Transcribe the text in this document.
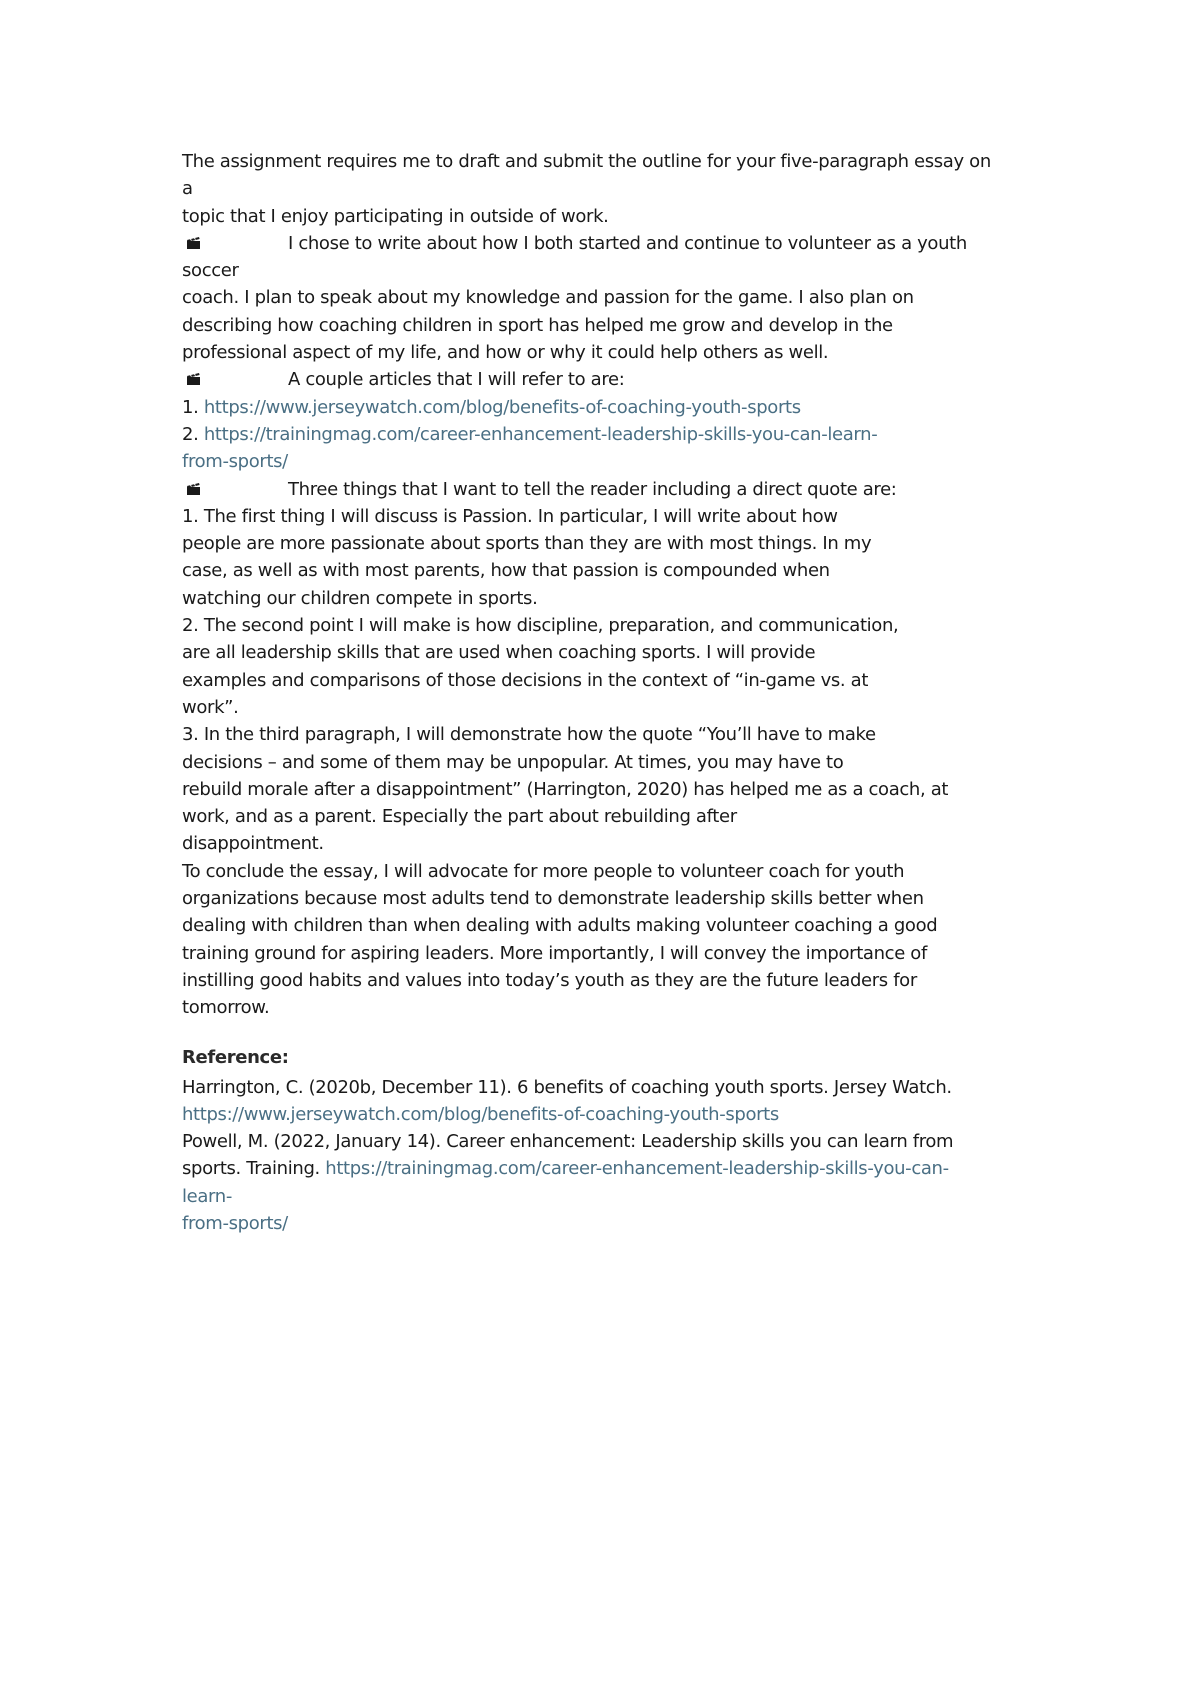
The assignment requires me to draft and submit the outline for your five-paragraph essay on
a
topic that I enjoy participating in outside of work.
I chose to write about how I both started and continue to volunteer as a youth
soccer
coach. I plan to speak about my knowledge and passion for the game. I also plan on
describing how coaching children in sport has helped me grow and develop in the
professional aspect of my life, and how or why it could help others as well.
A couple articles that I will refer to are:
1. https://www.jerseywatch.com/blog/benefits-of-coaching-youth-sports
2. https://trainingmag.com/career-enhancement-leadership-skills-you-can-learn-
from-sports/
Three things that I want to tell the reader including a direct quote are:
1. The first thing I will discuss is Passion. In particular, I will write about how
people are more passionate about sports than they are with most things. In my
case, as well as with most parents, how that passion is compounded when
watching our children compete in sports.
2. The second point I will make is how discipline, preparation, and communication,
are all leadership skills that are used when coaching sports. I will provide
examples and comparisons of those decisions in the context of “in-game vs. at
work”.
3. In the third paragraph, I will demonstrate how the quote “You’ll have to make
decisions – and some of them may be unpopular. At times, you may have to
rebuild morale after a disappointment” (Harrington, 2020) has helped me as a coach, at
work, and as a parent. Especially the part about rebuilding after
disappointment.
To conclude the essay, I will advocate for more people to volunteer coach for youth
organizations because most adults tend to demonstrate leadership skills better when
dealing with children than when dealing with adults making volunteer coaching a good
training ground for aspiring leaders. More importantly, I will convey the importance of
instilling good habits and values into today’s youth as they are the future leaders for
tomorrow.
Reference:
Harrington, C. (2020b, December 11). 6 benefits of coaching youth sports. Jersey Watch.
https://www.jerseywatch.com/blog/benefits-of-coaching-youth-sports
Powell, M. (2022, January 14). Career enhancement: Leadership skills you can learn from
sports. Training. https://trainingmag.com/career-enhancement-leadership-skills-you-can-
learn-
from-sports/
